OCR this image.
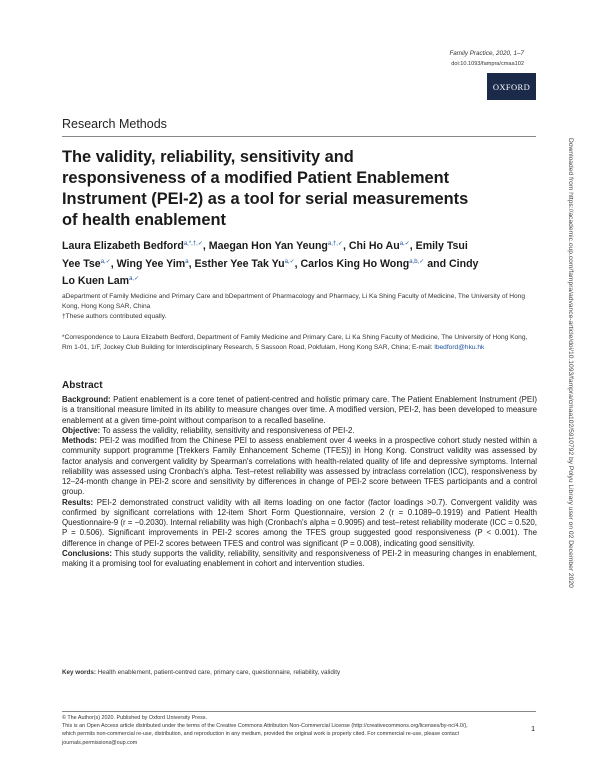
Family Practice, 2020, 1–7
doi:10.1093/fampra/cmaa102
OXFORD
Research Methods
The validity, reliability, sensitivity and responsiveness of a modified Patient Enablement Instrument (PEI-2) as a tool for serial measurements of health enablement
Laura Elizabeth Bedford$^{a,*,\dagger,✓}$, Maegan Hon Yan Yeung$^{a,\dagger,✓}$, Chi Ho $Au^{a,✓}$, Emily Tsui Yee Tse$^{a,✓}$, Wing Yee Yim$^a$, Esther Yee Tak $Yu^{a,✓}$, Carlos King Ho Wong$^{a,b,✓}$ and Cindy Lo Kuen Lam$^{a,✓}$
aDepartment of Family Medicine and Primary Care and bDepartment of Pharmacology and Pharmacy, Li Ka Shing Faculty of Medicine, The University of Hong Kong, Hong Kong SAR, China
†These authors contributed equally.
*Correspondence to Laura Elizabeth Bedford, Department of Family Medicine and Primary Care, Li Ka Shing Faculty of Medicine, The University of Hong Kong, Rm 1-01, 1/F, Jockey Club Building for Interdisciplinary Research, 5 Sassoon Road, Pokfulam, Hong Kong SAR, China; E-mail: lbedford@hku.hk
Abstract

Background: Patient enablement is a core tenet of patient-centred and holistic primary care. The Patient Enablement Instrument (PEI) is a transitional measure limited in its ability to measure changes over time. A modified version, PEI-2, has been developed to measure enablement at a given time-point without comparison to a recalled baseline.

Objective: To assess the validity, reliability, sensitivity and responsiveness of PEI-2.

Methods: PEI-2 was modified from the Chinese PEI to assess enablement over 4 weeks in a prospective cohort study nested within a community support programme [Trekkers Family Enhancement Scheme (TFES)] in Hong Kong. Construct validity was assessed by factor analysis and convergent validity by Spearman's correlations with health-related quality of life and depressive symptoms. Internal reliability was assessed using Cronbach's alpha. Test–retest reliability was assessed by intraclass correlation (ICC), responsiveness by 12–24-month change in PEI-2 score and sensitivity by differences in change of PEI-2 score between TFES participants and a control group.

Results: PEI-2 demonstrated construct validity with all items loading on one factor (factor loadings >0.7). Convergent validity was confirmed by significant correlations with 12-item Short Form Questionnaire, version 2 (r = 0.1089–0.1919) and Patient Health Questionnaire-9 (r = −0.2030). Internal reliability was high (Cronbach's alpha = 0.9095) and test–retest reliability moderate (ICC = 0.520, P = 0.506). Significant improvements in PEI-2 scores among the TFES group suggested good responsiveness (P < 0.001). The difference in change of PEI-2 scores between TFES and control was significant (P = 0.008), indicating good sensitivity.

Conclusions: This study supports the validity, reliability, sensitivity and responsiveness of PEI-2 in measuring changes in enablement, making it a promising tool for evaluating enablement in cohort and intervention studies.

Key words: Health enablement, patient-centred care, primary care, questionnaire, reliability, validity
© The Author(s) 2020. Published by Oxford University Press.
This is an Open Access article distributed under the terms of the Creative Commons Attribution Non-Commercial License (http://creativecommons.org/licenses/by-nc/4.0/), which permits non-commercial re-use, distribution, and reproduction in any medium, provided the original work is properly cited. For commercial re-use, please contact journals.permissions@oup.com
1
Downloaded from https://academic.oup.com/fampra/advance-article/doi/10.1093/fampra/cmaa102/5910792 by Polyu Library user on 02 December 2020
